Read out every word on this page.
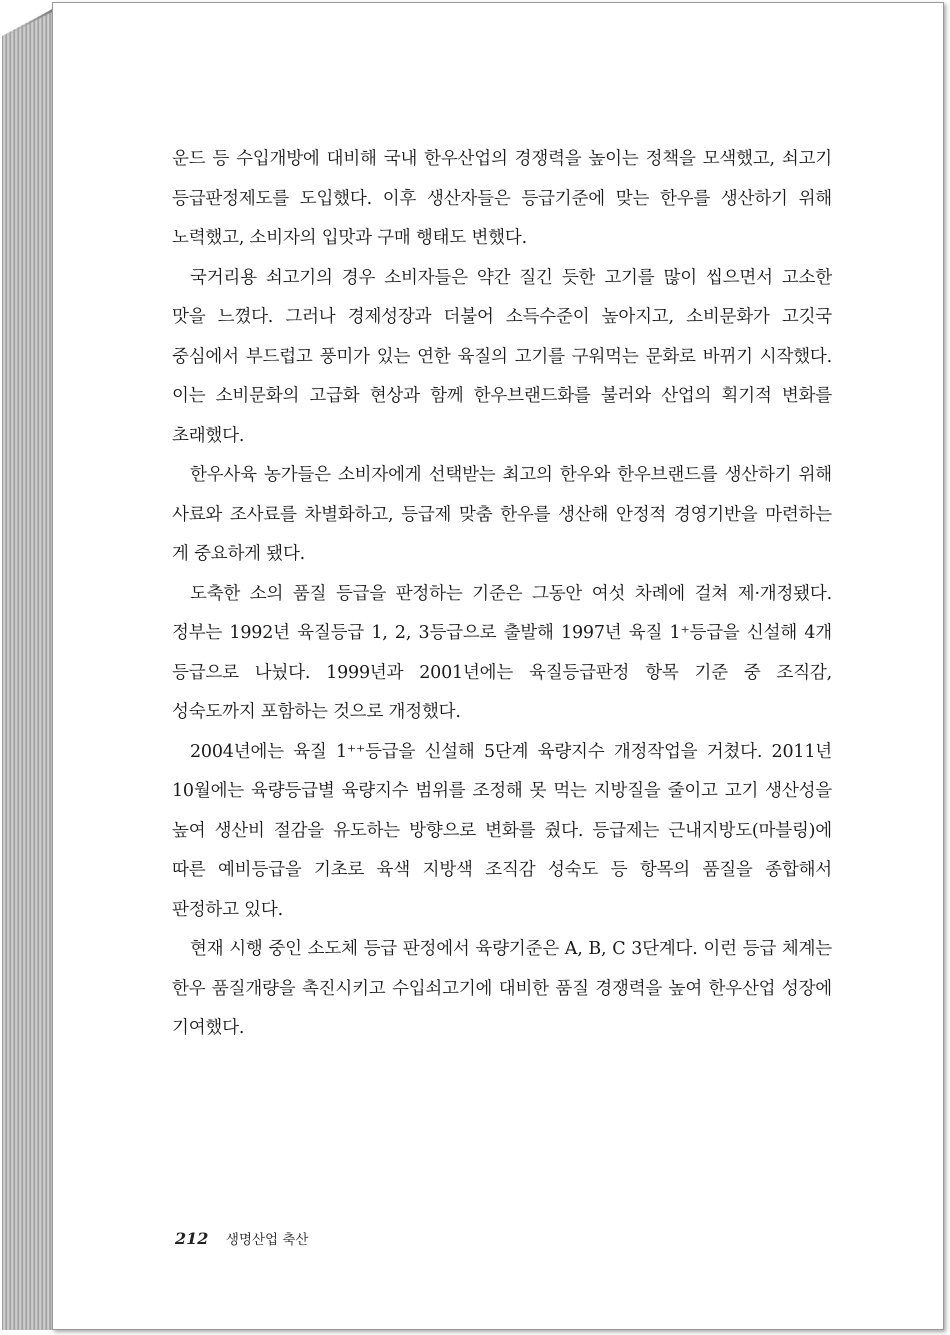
운드 등 수입개방에 대비해 국내 한우산업의 경쟁력을 높이는 정책을 모색했고, 쇠고기 등급판정제도를 도입했다. 이후 생산자들은 등급기준에 맞는 한우를 생산하기 위해 노력했고, 소비자의 입맛과 구매 행태도 변했다.

국거리용 쇠고기의 경우 소비자들은 약간 질긴 듯한 고기를 많이 씹으면서 고소한 맛을 느꼈다. 그러나 경제성장과 더불어 소득수준이 높아지고, 소비문화가 고깃국 중심에서 부드럽고 풍미가 있는 연한 육질의 고기를 구워먹는 문화로 바뀌기 시작했다. 이는 소비문화의 고급화 현상과 함께 한우브랜드화를 불러와 산업의 획기적 변화를 초래했다.

한우사육 농가들은 소비자에게 선택받는 최고의 한우와 한우브랜드를 생산하기 위해 사료와 조사료를 차별화하고, 등급제 맞춤 한우를 생산해 안정적 경영기반을 마련하는 게 중요하게 됐다.

도축한 소의 품질 등급을 판정하는 기준은 그동안 여섯 차례에 걸쳐 제·개정됐다. 정부는 1992년 육질등급 1, 2, 3등급으로 출발해 1997년 육질 1⁺등급을 신설해 4개 등급으로 나눴다. 1999년과 2001년에는 육질등급판정 항목 기준 중 조직감, 성숙도까지 포함하는 것으로 개정했다.

2004년에는 육질 1⁺⁺등급을 신설해 5단계 육량지수 개정작업을 거쳤다. 2011년 10월에는 육량등급별 육량지수 범위를 조정해 못 먹는 지방질을 줄이고 고기 생산성을 높여 생산비 절감을 유도하는 방향으로 변화를 줬다. 등급제는 근내지방도(마블링)에 따른 예비등급을 기초로 육색 지방색 조직감 성숙도 등 항목의 품질을 종합해서 판정하고 있다.

현재 시행 중인 소도체 등급 판정에서 육량기준은 A, B, C 3단계다. 이런 등급 체계는 한우 품질개량을 촉진시키고 수입쇠고기에 대비한 품질 경쟁력을 높여 한우산업 성장에 기여했다.

212 생명산업 축산
